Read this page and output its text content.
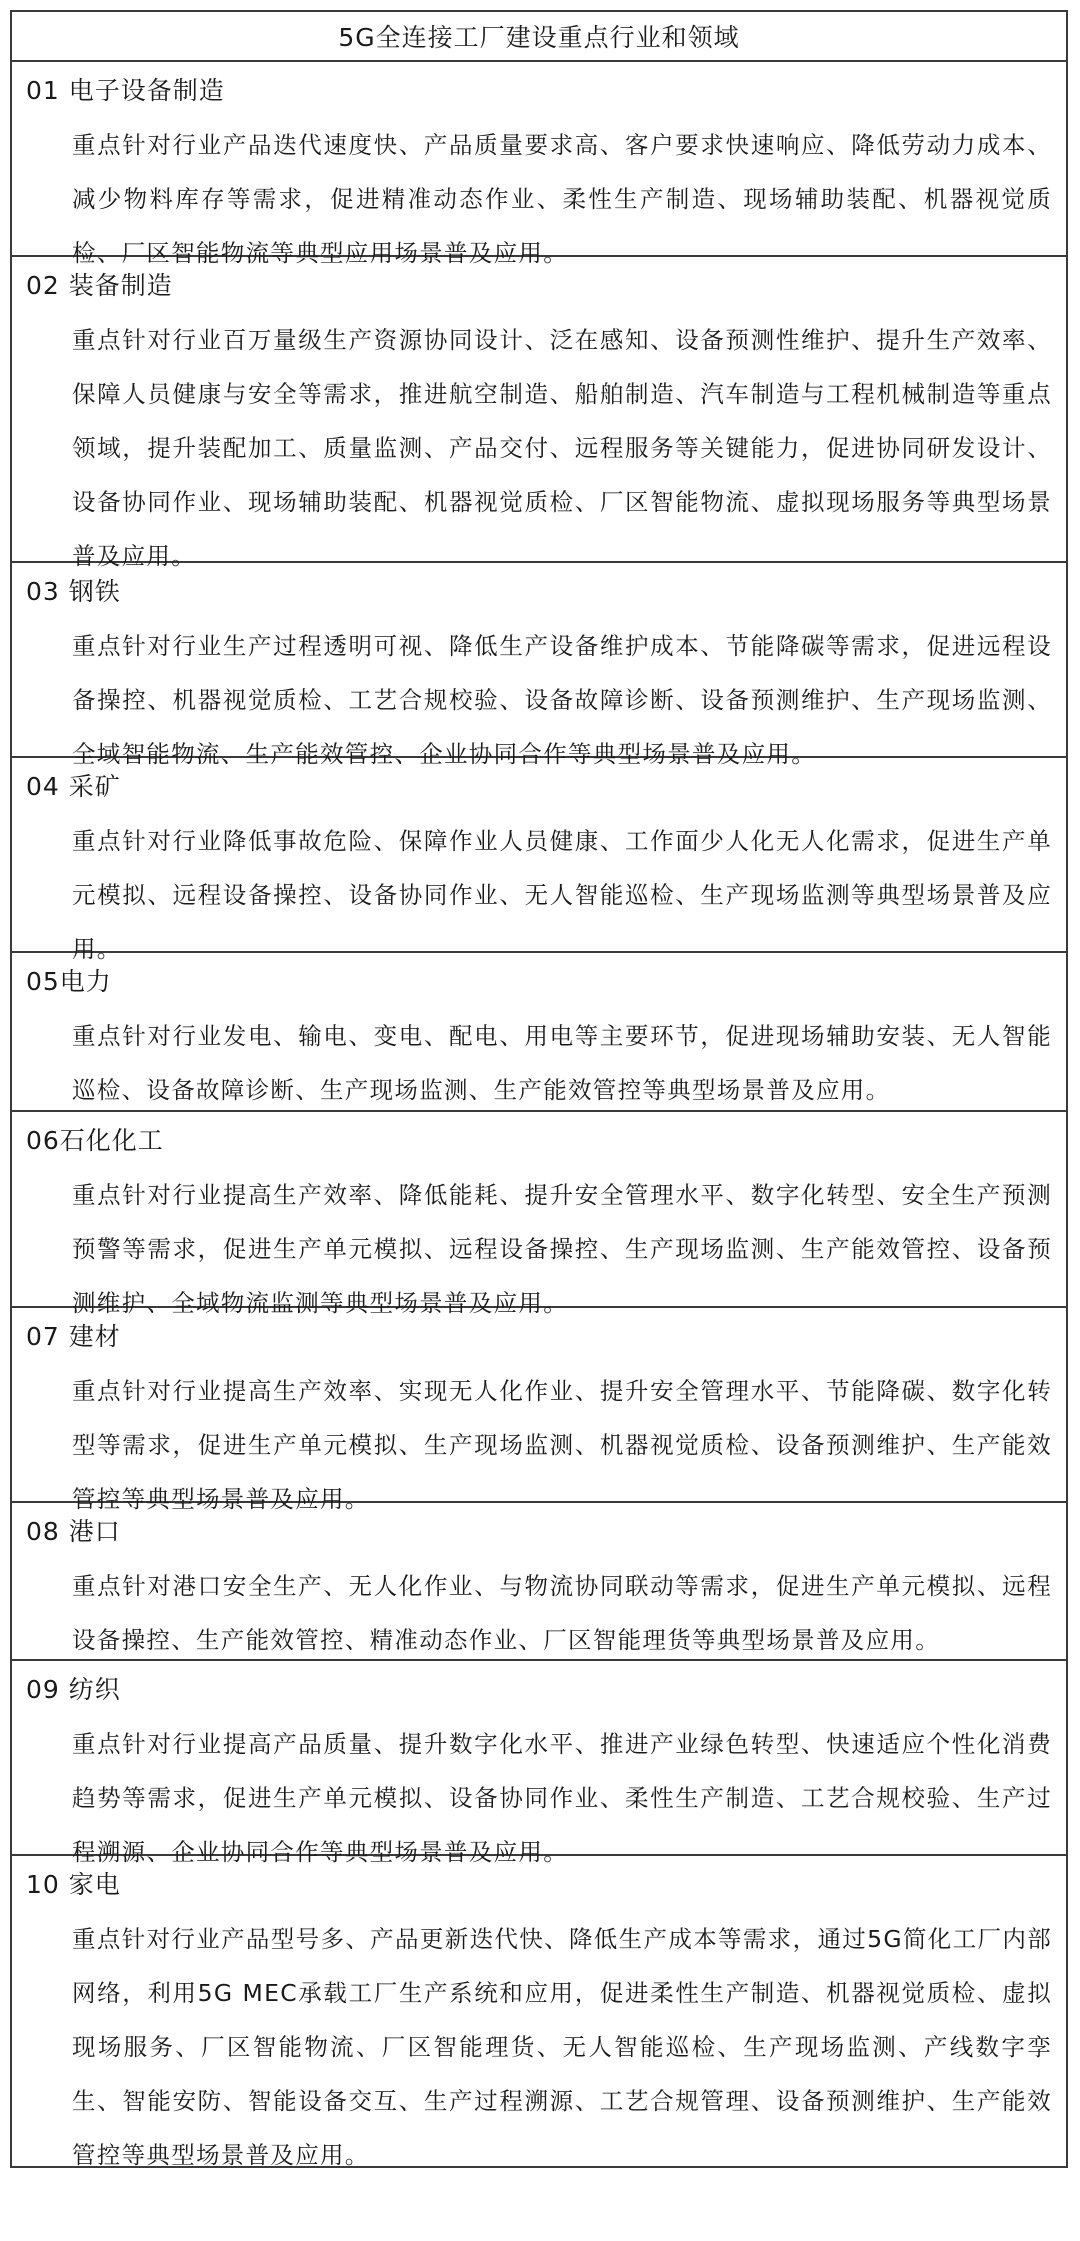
5G全连接工厂建设重点行业和领域
01 电子设备制造
重点针对行业产品迭代速度快、产品质量要求高、客户要求快速响应、降低劳动力成本、减少物料库存等需求，促进精准动态作业、柔性生产制造、现场辅助装配、机器视觉质检、厂区智能物流等典型应用场景普及应用。
02 装备制造
重点针对行业百万量级生产资源协同设计、泛在感知、设备预测性维护、提升生产效率、保障人员健康与安全等需求，推进航空制造、船舶制造、汽车制造与工程机械制造等重点领域，提升装配加工、质量监测、产品交付、远程服务等关键能力，促进协同研发设计、设备协同作业、现场辅助装配、机器视觉质检、厂区智能物流、虚拟现场服务等典型场景普及应用。
03 钢铁
重点针对行业生产过程透明可视、降低生产设备维护成本、节能降碳等需求，促进远程设备操控、机器视觉质检、工艺合规校验、设备故障诊断、设备预测维护、生产现场监测、全域智能物流、生产能效管控、企业协同合作等典型场景普及应用。
04 采矿
重点针对行业降低事故危险、保障作业人员健康、工作面少人化无人化需求，促进生产单元模拟、远程设备操控、设备协同作业、无人智能巡检、生产现场监测等典型场景普及应用。
05电力
重点针对行业发电、输电、变电、配电、用电等主要环节，促进现场辅助安装、无人智能巡检、设备故障诊断、生产现场监测、生产能效管控等典型场景普及应用。
06石化化工
重点针对行业提高生产效率、降低能耗、提升安全管理水平、数字化转型、安全生产预测预警等需求，促进生产单元模拟、远程设备操控、生产现场监测、生产能效管控、设备预测维护、全域物流监测等典型场景普及应用。
07 建材
重点针对行业提高生产效率、实现无人化作业、提升安全管理水平、节能降碳、数字化转型等需求，促进生产单元模拟、生产现场监测、机器视觉质检、设备预测维护、生产能效管控等典型场景普及应用。
08 港口
重点针对港口安全生产、无人化作业、与物流协同联动等需求，促进生产单元模拟、远程设备操控、生产能效管控、精准动态作业、厂区智能理货等典型场景普及应用。
09 纺织
重点针对行业提高产品质量、提升数字化水平、推进产业绿色转型、快速适应个性化消费趋势等需求，促进生产单元模拟、设备协同作业、柔性生产制造、工艺合规校验、生产过程溯源、企业协同合作等典型场景普及应用。
10 家电
重点针对行业产品型号多、产品更新迭代快、降低生产成本等需求，通过5G简化工厂内部网络，利用5G MEC承载工厂生产系统和应用，促进柔性生产制造、机器视觉质检、虚拟现场服务、厂区智能物流、厂区智能理货、无人智能巡检、生产现场监测、产线数字孪生、智能安防、智能设备交互、生产过程溯源、工艺合规管理、设备预测维护、生产能效管控等典型场景普及应用。
